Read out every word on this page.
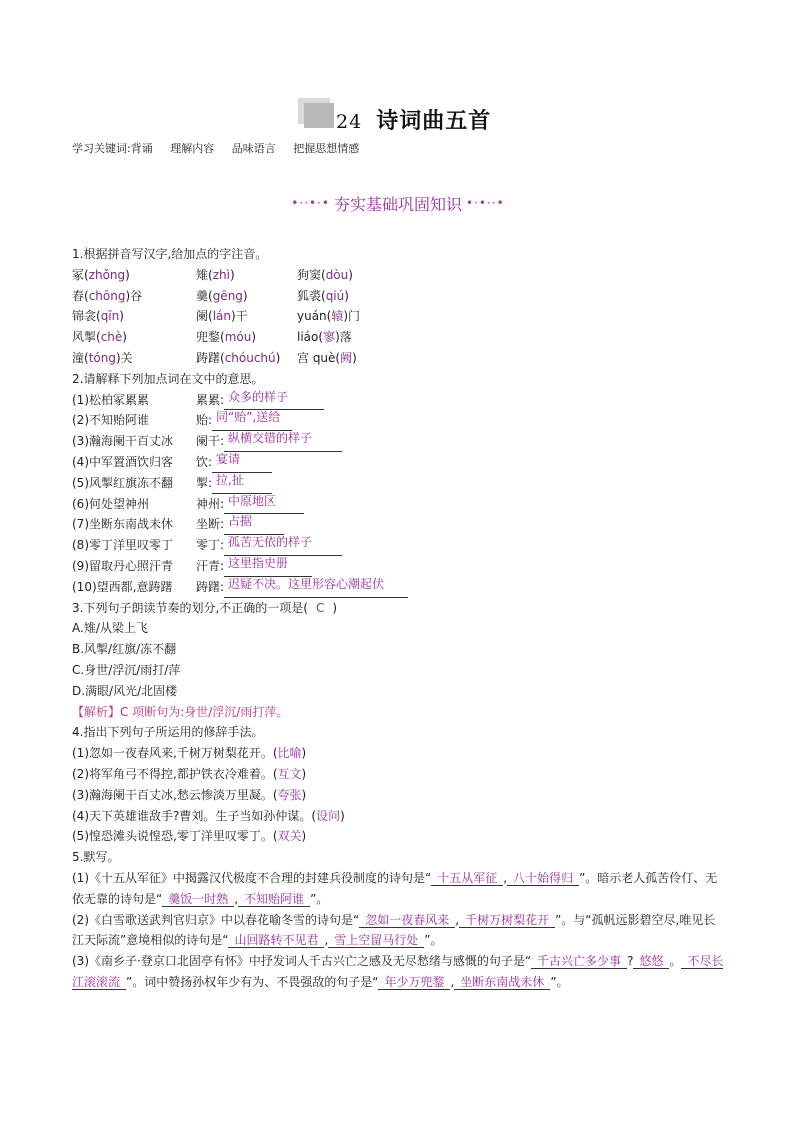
24 诗词曲五首
学习关键词:背诵 理解内容 品味语言 把握思想情感
•··•·• 夯实基础巩固知识 •·•··•
1.根据拼音写汉字,给加点的字注音。
冢(zhǒng)	雉(zhì)	狗窦(dòu)
舂(chōng)谷	羹(gēng)	狐裘(qiú)
锦衾(qīn)	阑(lán)干	yuán(辕)门
风掣(chè)	兜鍪(móu)	liáo(寥)落
潼(tóng)关	踌躇(chóuchú)	宫 què(阙)
2.请解释下列加点词在文中的意思。
(1)松柏冢累累	累累: 众多的样子
(2)不知贻阿谁	贻: 同“贻”,送给
(3)瀚海阑干百丈冰	阑干: 纵横交错的样子
(4)中军置酒饮归客	饮: 宴请
(5)风掣红旗冻不翻	掣: 拉,扯
(6)何处望神州	神州: 中原地区
(7)坐断东南战未休	坐断: 占据
(8)零丁洋里叹零丁	零丁: 孤苦无依的样子
(9)留取丹心照汗青	汗青: 这里指史册
(10)望西都,意踌躇	踌躇: 迟疑不决。这里形容心潮起伏
3.下列句子朗读节奏的划分,不正确的一项是( C )
A.雉/从梁上飞
B.风掣/红旗/冻不翻
C.身世/浮沉/雨打/萍
D.满眼/风光/北固楼
【解析】C 项断句为:身世/浮沉/雨打萍。
4.指出下列句子所运用的修辞手法。
(1)忽如一夜春风来,千树万树梨花开。(比喻)
(2)将军角弓不得控,都护铁衣冷难着。(互文)
(3)瀚海阑干百丈冰,愁云惨淡万里凝。(夸张)
(4)天下英雄谁敌手?曹刘。生子当如孙仲谋。(设问)
(5)惶恐滩头说惶恐,零丁洋里叹零丁。(双关)
5.默写。
(1)《十五从军征》中揭露汉代极度不合理的封建兵役制度的诗句是“ 十五从军征 , 八十始得归 ”。暗示老人孤苦伶仃、无依无靠的诗句是“ 羹饭一时熟 , 不知贻阿谁 ”。
(2)《白雪歌送武判官归京》中以春花喻冬雪的诗句是“ 忽如一夜春风来 , 千树万树梨花开 ”。与“孤帆远影碧空尽,唯见长江天际流”意境相似的诗句是“ 山回路转不见君 , 雪上空留马行处 ”。
(3)《南乡子·登京口北固亭有怀》中抒发词人千古兴亡之感及无尽愁绪与感慨的句子是“ 千古兴亡多少事 ? 悠悠 。 不尽长江滚滚流 ”。词中赞扬孙权年少有为、不畏强敌的句子是“ 年少万兜鍪 , 坐断东南战未休 ”。
